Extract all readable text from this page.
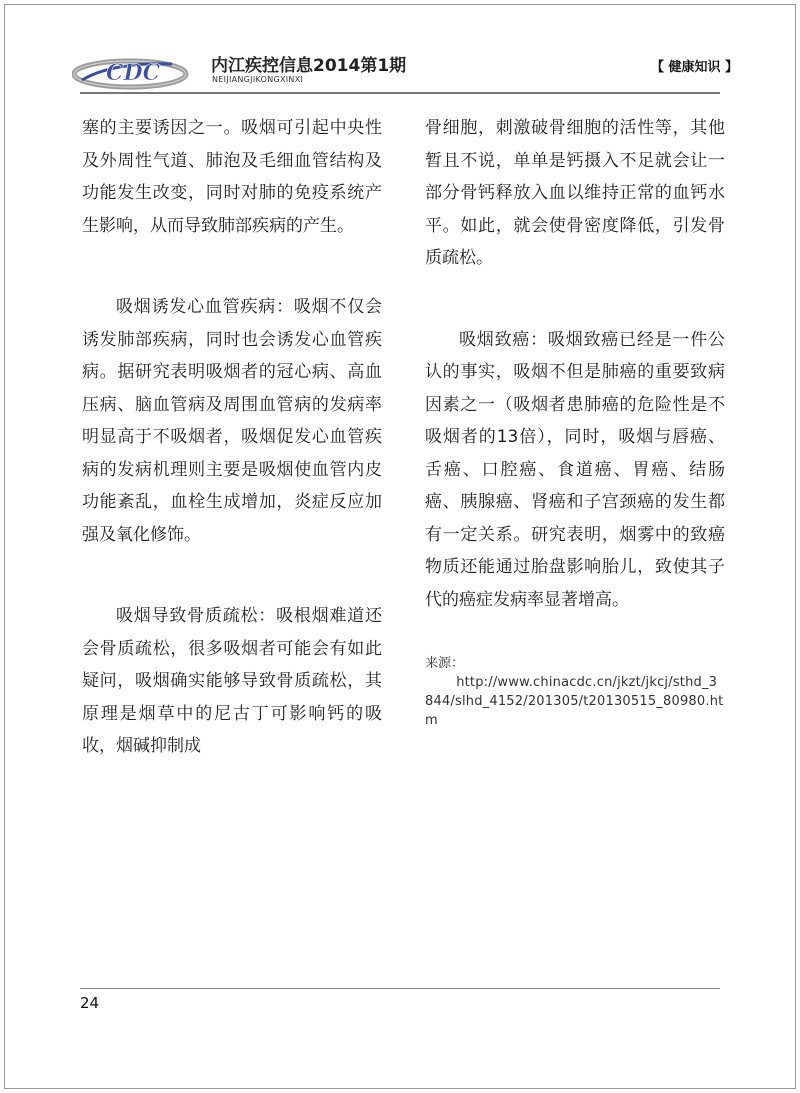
CDC	内江疾控信息2014第1期
NEIJIANGJIKONGXINXI
【 健康知识 】

塞的主要诱因之一。吸烟可引起中央性及外周性气道、肺泡及毛细血管结构及功能发生改变，同时对肺的免疫系统产生影响，从而导致肺部疾病的产生。

吸烟诱发心血管疾病：吸烟不仅会诱发肺部疾病，同时也会诱发心血管疾病。据研究表明吸烟者的冠心病、高血压病、脑血管病及周围血管病的发病率明显高于不吸烟者，吸烟促发心血管疾病的发病机理则主要是吸烟使血管内皮功能紊乱，血栓生成增加，炎症反应加强及氧化修饰。

吸烟导致骨质疏松：吸根烟难道还会骨质疏松，很多吸烟者可能会有如此疑问，吸烟确实能够导致骨质疏松，其原理是烟草中的尼古丁可影响钙的吸收，烟碱抑制成

骨细胞，刺激破骨细胞的活性等，其他暂且不说，单单是钙摄入不足就会让一部分骨钙释放入血以维持正常的血钙水平。如此，就会使骨密度降低，引发骨质疏松。

吸烟致癌：吸烟致癌已经是一件公认的事实，吸烟不但是肺癌的重要致病因素之一（吸烟者患肺癌的危险性是不吸烟者的13倍），同时，吸烟与唇癌、舌癌、口腔癌、食道癌、胃癌、结肠癌、胰腺癌、肾癌和子宫颈癌的发生都有一定关系。研究表明，烟雾中的致癌物质还能通过胎盘影响胎儿，致使其子代的癌症发病率显著增高。

来源：
http://www.chinacdc.cn/jkzt/jkcj/sthd_3844/slhd_4152/201305/t20130515_80980.htm
24
